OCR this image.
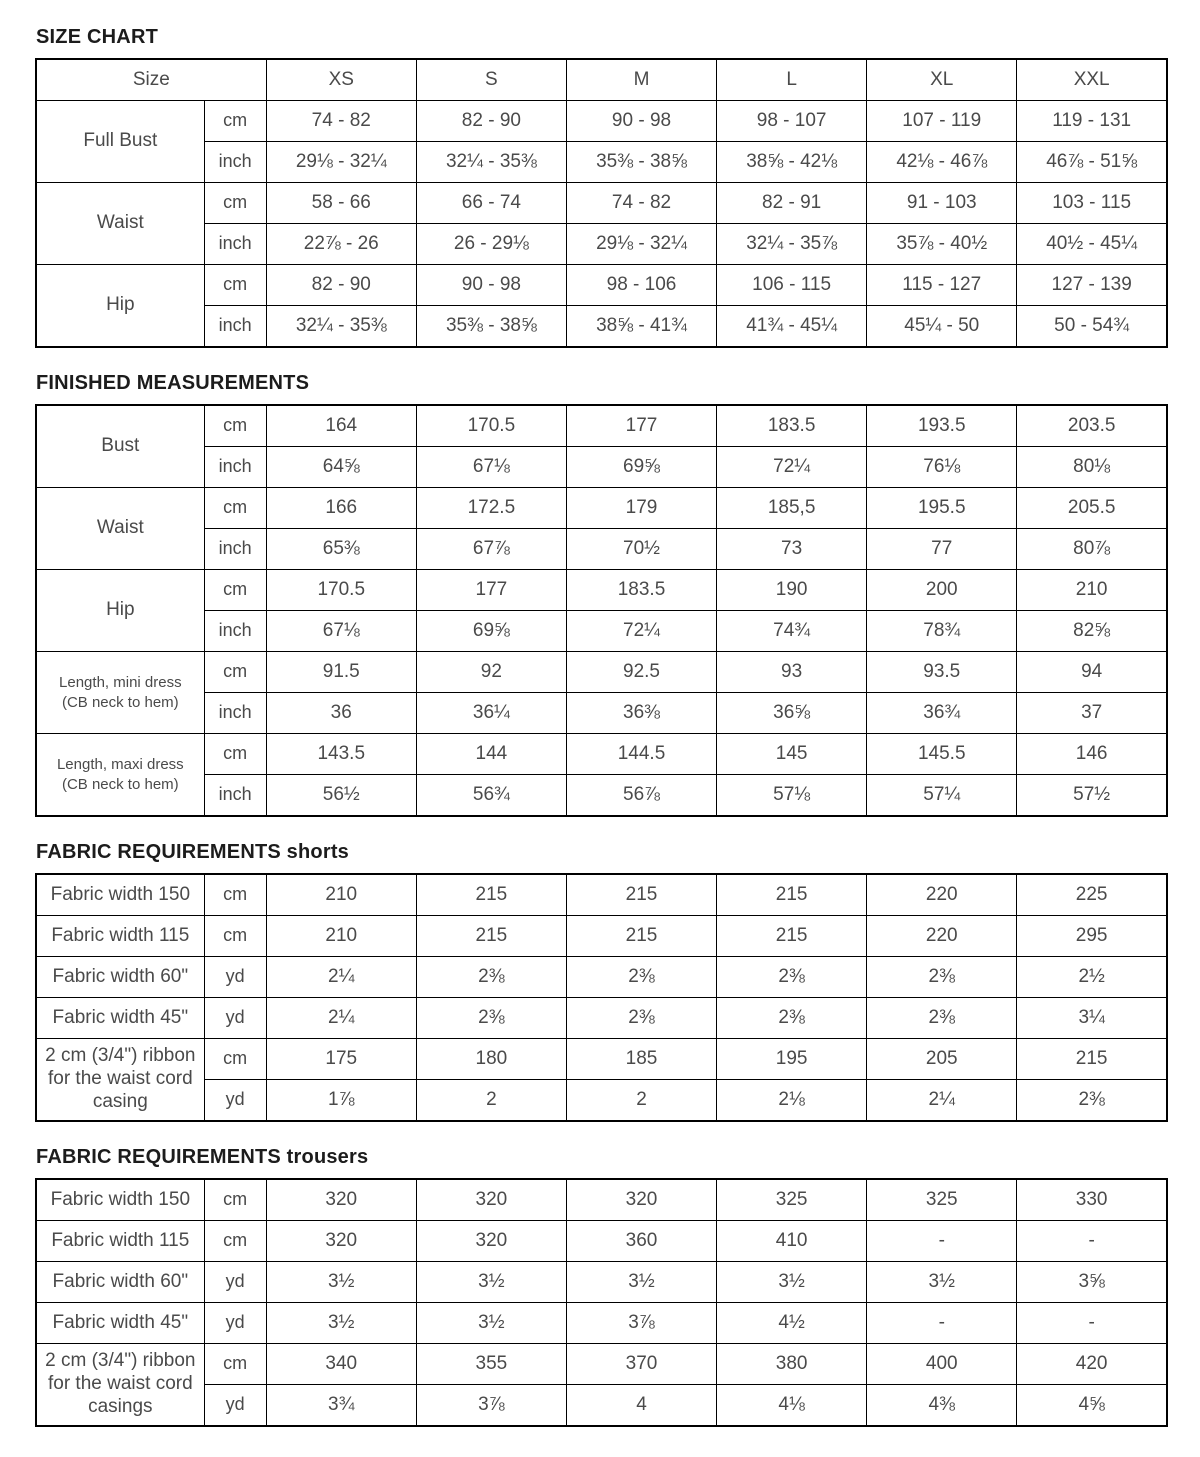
SIZE CHART
Size		XS	S	M	L	XL	XXL
Full Bust	cm	74 - 82	82 - 90	90 - 98	98 - 107	107 - 119	119 - 131
	inch	29⅛ - 32¼	32¼ - 35⅜	35⅜ - 38⅝	38⅝ - 42⅛	42⅛ - 46⅞	46⅞ - 51⅝
Waist	cm	58 - 66	66 - 74	74 - 82	82 - 91	91 - 103	103 - 115
	inch	22⅞ - 26	26 - 29⅛	29⅛ - 32¼	32¼ - 35⅞	35⅞ - 40½	40½ - 45¼
Hip	cm	82 - 90	90 - 98	98 - 106	106 - 115	115 - 127	127 - 139
	inch	32¼ - 35⅜	35⅜ - 38⅝	38⅝ - 41¾	41¾ - 45¼	45¼ - 50	50 - 54¾
FINISHED MEASUREMENTS
Bust	cm	164	170.5	177	183.5	193.5	203.5
	inch	64⅝	67⅛	69⅝	72¼	76⅛	80⅛
Waist	cm	166	172.5	179	185,5	195.5	205.5
	inch	65⅜	67⅞	70½	73	77	80⅞
Hip	cm	170.5	177	183.5	190	200	210
	inch	67⅛	69⅝	72¼	74¾	78¾	82⅝

Length, mini dress
(CB neck to hem)	cm	91.5	92	92.5	93	93.5	94
	inch	36	36¼	36⅜	36⅝	36¾	37

Length, maxi dress
(CB neck to hem)	cm	143.5	144	144.5	145	145.5	146
	inch	56½	56¾	56⅞	57⅛	57¼	57½
FABRIC REQUIREMENTS shorts
Fabric width 150	cm	210	215	215	215	220	225
Fabric width 115	cm	210	215	215	215	220	295
Fabric width 60"	yd	2¼	2⅜	2⅜	2⅜	2⅜	2½
Fabric width 45"	yd	2¼	2⅜	2⅜	2⅜	2⅜	3¼
2 cm (3/4") ribbon for the waist cord casing	cm	175	180	185	195	205	215
	yd	1⅞	2	2	2⅛	2¼	2⅜
FABRIC REQUIREMENTS trousers
Fabric width 150	cm	320	320	320	325	325	330
Fabric width 115	cm	320	320	360	410	-	-
Fabric width 60"	yd	3½	3½	3½	3½	3½	3⅝
Fabric width 45"	yd	3½	3½	3⅞	4½	-	-
2 cm (3/4") ribbon for the waist cord casings	cm	340	355	370	380	400	420
	yd	3¾	3⅞	4	4⅛	4⅜	4⅝
